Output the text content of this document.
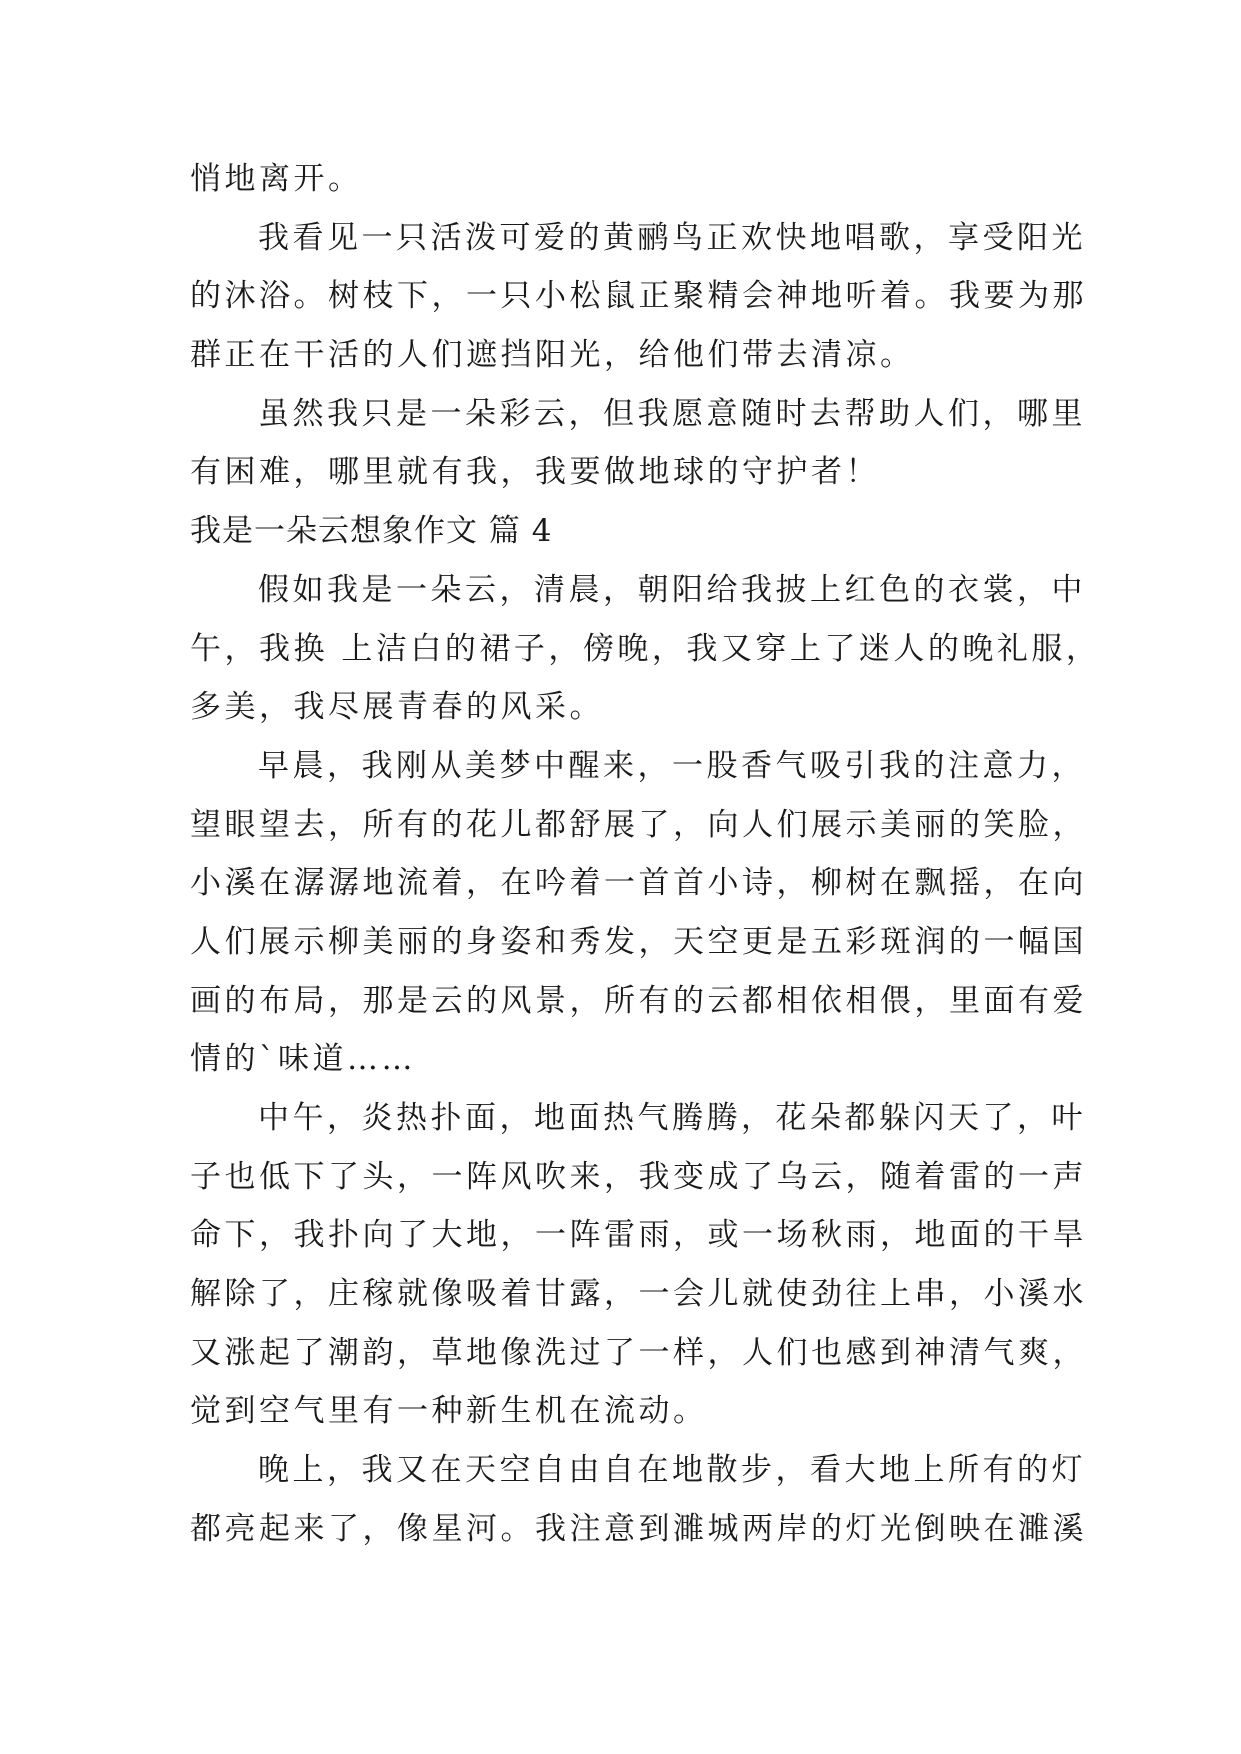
悄地离开。
我看见一只活泼可爱的黄鹂鸟正欢快地唱歌，享受阳光
的沐浴。树枝下，一只小松鼠正聚精会神地听着。我要为那
群正在干活的人们遮挡阳光，给他们带去清凉。
虽然我只是一朵彩云，但我愿意随时去帮助人们，哪里
有困难，哪里就有我，我要做地球的守护者！
我是一朵云想象作文 篇 4
假如我是一朵云，清晨，朝阳给我披上红色的衣裳，中
午，我换 上洁白的裙子，傍晚，我又穿上了迷人的晚礼服，
多美，我尽展青春的风采。
早晨，我刚从美梦中醒来，一股香气吸引我的注意力，
望眼望去，所有的花儿都舒展了，向人们展示美丽的笑脸，
小溪在潺潺地流着，在吟着一首首小诗，柳树在飘摇，在向
人们展示柳美丽的身姿和秀发，天空更是五彩斑润的一幅国
画的布局，那是云的风景，所有的云都相依相偎，里面有爱
情的`味道……
中午，炎热扑面，地面热气腾腾，花朵都躲闪天了，叶
子也低下了头，一阵风吹来，我变成了乌云，随着雷的一声
命下，我扑向了大地，一阵雷雨，或一场秋雨，地面的干旱
解除了，庄稼就像吸着甘露，一会儿就使劲往上串，小溪水
又涨起了潮韵，草地像洗过了一样，人们也感到神清气爽，
觉到空气里有一种新生机在流动。
晚上，我又在天空自由自在地散步，看大地上所有的灯
都亮起来了，像星河。我注意到濉城两岸的灯光倒映在濉溪
